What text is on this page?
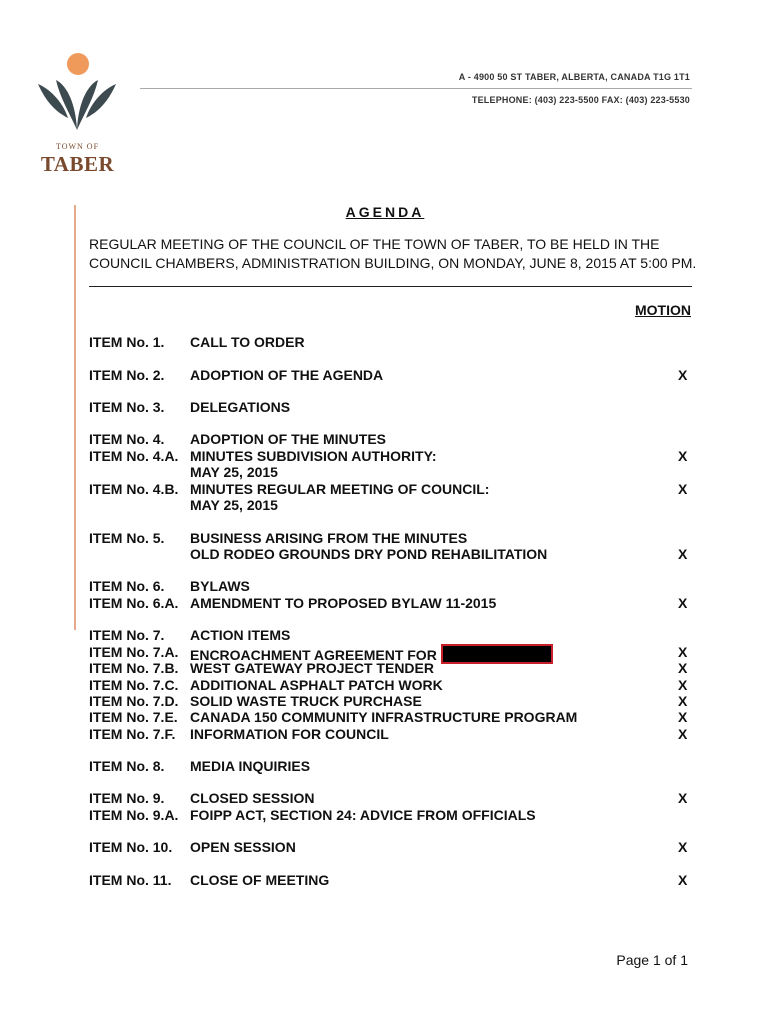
TOWN OF
TABER
A - 4900 50 ST TABER, ALBERTA, CANADA T1G 1T1
TELEPHONE: (403) 223-5500 FAX: (403) 223-5530
AGENDA
REGULAR MEETING OF THE COUNCIL OF THE TOWN OF TABER, TO BE HELD IN THE COUNCIL CHAMBERS, ADMINISTRATION BUILDING, ON MONDAY, JUNE 8, 2015 AT 5:00 PM.
MOTION
ITEM No. 1. CALL TO ORDER
ITEM No. 2. ADOPTION OF THE AGENDA	X
ITEM No. 3. DELEGATIONS
ITEM No. 4. ADOPTION OF THE MINUTES
ITEM No. 4.A. MINUTES SUBDIVISION AUTHORITY:	X
MAY 25, 2015
ITEM No. 4.B. MINUTES REGULAR MEETING OF COUNCIL:	X
MAY 25, 2015
ITEM No. 5. BUSINESS ARISING FROM THE MINUTES
OLD RODEO GROUNDS DRY POND REHABILITATION	X
ITEM No. 6. BYLAWS
ITEM No. 6.A. AMENDMENT TO PROPOSED BYLAW 11-2015	X
ITEM No. 7. ACTION ITEMS
ITEM No. 7.A. ENCROACHMENT AGREEMENT FOR	X
ITEM No. 7.B. WEST GATEWAY PROJECT TENDER	X
ITEM No. 7.C. ADDITIONAL ASPHALT PATCH WORK	X
ITEM No. 7.D. SOLID WASTE TRUCK PURCHASE	X
ITEM No. 7.E. CANADA 150 COMMUNITY INFRASTRUCTURE PROGRAM	X
ITEM No. 7.F. INFORMATION FOR COUNCIL	X
ITEM No. 8. MEDIA INQUIRIES
ITEM No. 9. CLOSED SESSION	X
ITEM No. 9.A. FOIPP ACT, SECTION 24: ADVICE FROM OFFICIALS
ITEM No. 10. OPEN SESSION	X
ITEM No. 11. CLOSE OF MEETING	X
Page 1 of 1
